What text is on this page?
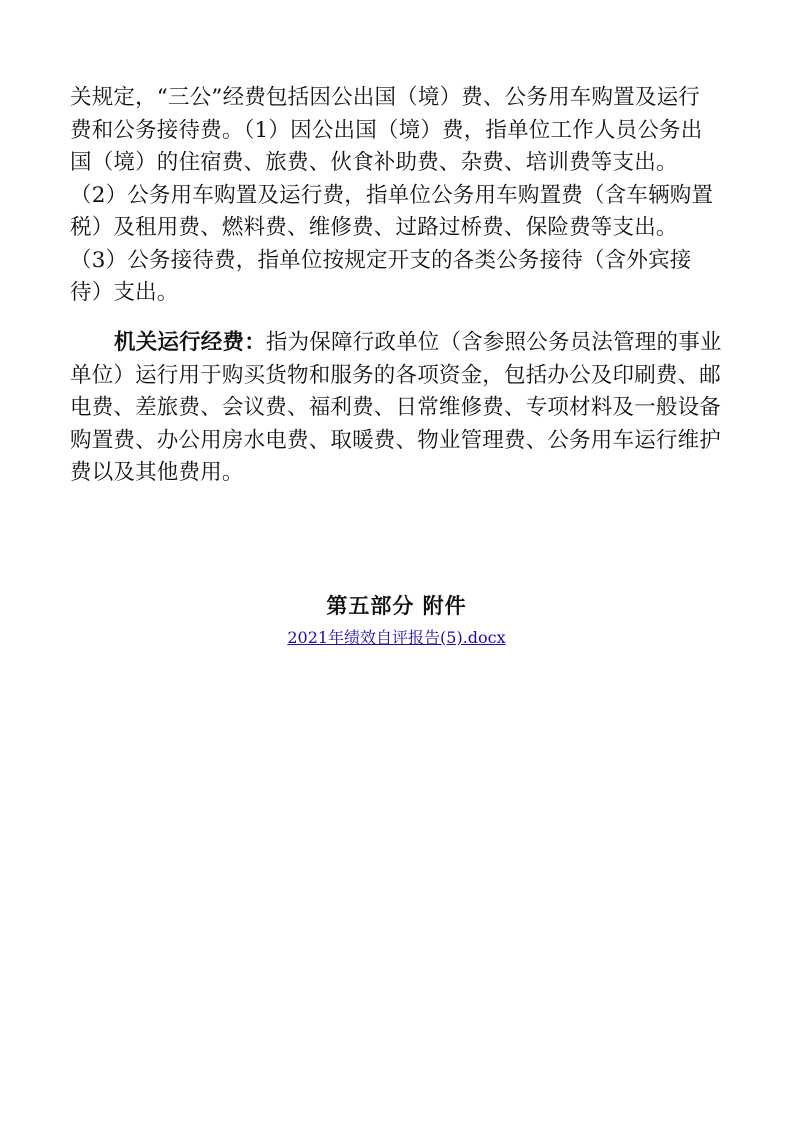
关规定，“三公”经费包括因公出国（境）费、公务用车购置及运行
费和公务接待费。（1）因公出国（境）费，指单位工作人员公务出
国（境）的住宿费、旅费、伙食补助费、杂费、培训费等支出。
（2）公务用车购置及运行费，指单位公务用车购置费（含车辆购置
税）及租用费、燃料费、维修费、过路过桥费、保险费等支出。
（3）公务接待费，指单位按规定开支的各类公务接待（含外宾接
待）支出。
机关运行经费：指为保障行政单位（含参照公务员法管理的事业
单位）运行用于购买货物和服务的各项资金，包括办公及印刷费、邮
电费、差旅费、会议费、福利费、日常维修费、专项材料及一般设备
购置费、办公用房水电费、取暖费、物业管理费、公务用车运行维护
费以及其他费用。
第五部分 附件
2021年绩效自评报告(5).docx
